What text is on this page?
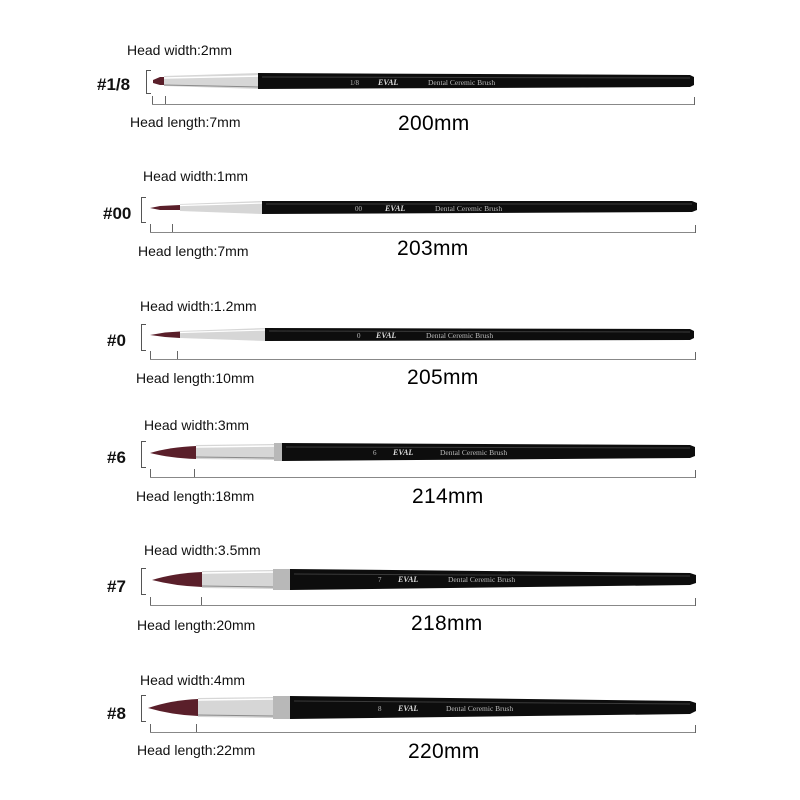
Head width:2mm
#1/8	1/8 EVAL	Dental Ceremic Brush
Head length:7mm	200mm
Head width:1mm
#00	00	EVAL	Dental Ceremic Brush
Head length:7mm	203mm
Head width:1.2mm
#0	0 EVAL	Dental Ceremic Brush
Head length:10mm	205mm
Head width:3mm
#6	6 EVAL	Dental Ceremic Brush
Head length:18mm	214mm
Head width:3.5mm
#7	7 EVAL	Dental Ceremic Brush
Head length:20mm	218mm
Head width:4mm
#8	8 EVAL	Dental Ceremic Brush
Head length:22mm	220mm
